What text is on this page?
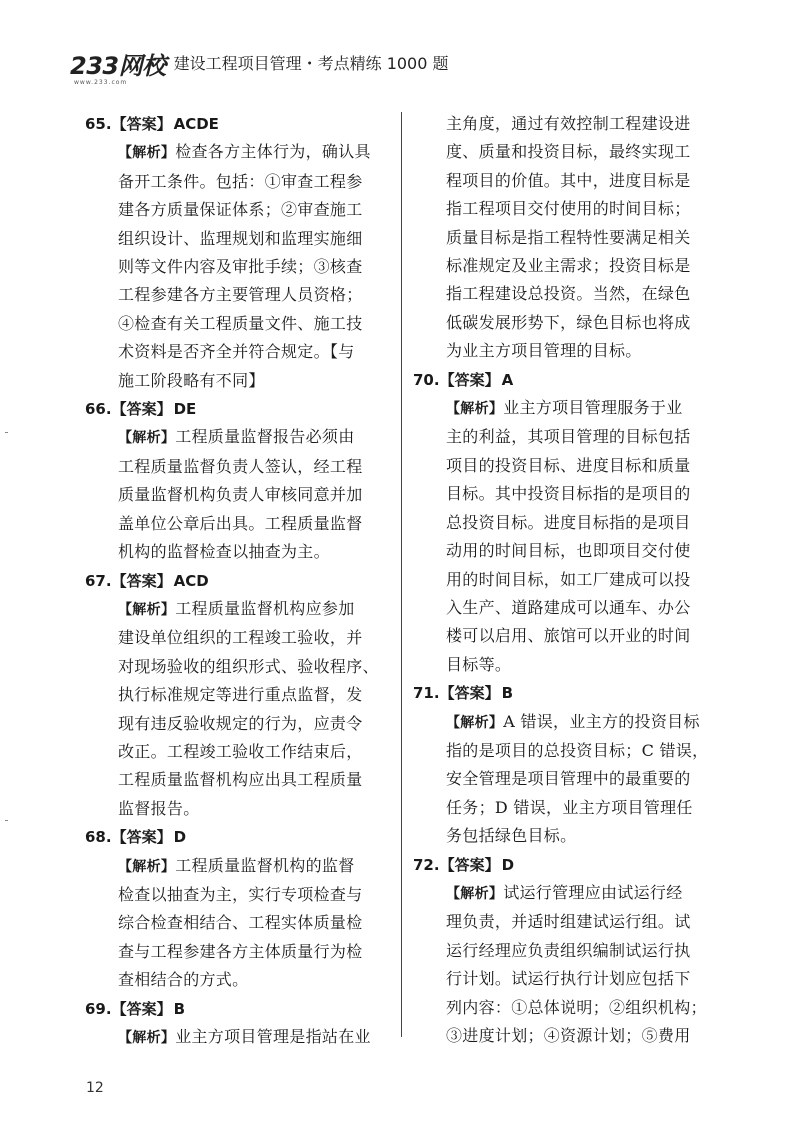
233网校
www.233.com
建设工程项目管理・考点精练 1000 题
65.【答案】 ACDE
【解析】检查各方主体行为，确认具
备开工条件。包括：①审查工程参
建各方质量保证体系；②审查施工
组织设计、监理规划和监理实施细
则等文件内容及审批手续；③核查
工程参建各方主要管理人员资格；
④检查有关工程质量文件、施工技
术资料是否齐全并符合规定。【与
施工阶段略有不同】
66.【答案】 DE
【解析】工程质量监督报告必须由
工程质量监督负责人签认，经工程
质量监督机构负责人审核同意并加
盖单位公章后出具。工程质量监督
机构的监督检查以抽查为主。
67.【答案】 ACD
【解析】工程质量监督机构应参加
建设单位组织的工程竣工验收，并
对现场验收的组织形式、验收程序、
执行标准规定等进行重点监督，发
现有违反验收规定的行为，应责令
改正。工程竣工验收工作结束后，
工程质量监督机构应出具工程质量
监督报告。
68.【答案】 D
【解析】工程质量监督机构的监督
检查以抽查为主，实行专项检查与
综合检查相结合、工程实体质量检
查与工程参建各方主体质量行为检
查相结合的方式。
69.【答案】 B
【解析】业主方项目管理是指站在业
主角度，通过有效控制工程建设进
度、质量和投资目标，最终实现工
程项目的价值。其中，进度目标是
指工程项目交付使用的时间目标；
质量目标是指工程特性要满足相关
标准规定及业主需求；投资目标是
指工程建设总投资。当然，在绿色
低碳发展形势下，绿色目标也将成
为业主方项目管理的目标。
70.【答案】 A
【解析】业主方项目管理服务于业
主的利益，其项目管理的目标包括
项目的投资目标、进度目标和质量
目标。其中投资目标指的是项目的
总投资目标。进度目标指的是项目
动用的时间目标，也即项目交付使
用的时间目标，如工厂建成可以投
入生产、道路建成可以通车、办公
楼可以启用、旅馆可以开业的时间
目标等。
71.【答案】 B
【解析】A 错误，业主方的投资目标
指的是项目的总投资目标；C 错误，
安全管理是项目管理中的最重要的
任务；D 错误，业主方项目管理任
务包括绿色目标。
72.【答案】 D
【解析】试运行管理应由试运行经
理负责，并适时组建试运行组。试
运行经理应负责组织编制试运行执
行计划。试运行执行计划应包括下
列内容：①总体说明；②组织机构；
③进度计划；④资源计划；⑤费用
12
